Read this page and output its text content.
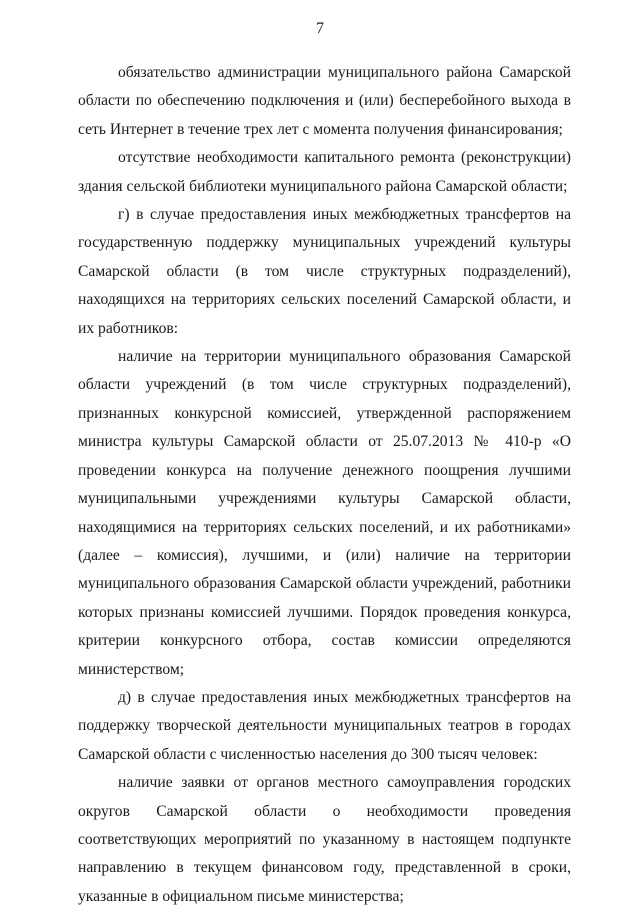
7

обязательство администрации муниципального района Самарской области по обеспечению подключения и (или) бесперебойного выхода в сеть Интернет в течение трех лет с момента получения финансирования;

отсутствие необходимости капитального ремонта (реконструкции) здания сельской библиотеки муниципального района Самарской области;

г) в случае предоставления иных межбюджетных трансфертов на государственную поддержку муниципальных учреждений культуры Самарской области (в том числе структурных подразделений), находящихся на территориях сельских поселений Самарской области, и их работников:

наличие на территории муниципального образования Самарской области учреждений (в том числе структурных подразделений), признанных конкурсной комиссией, утвержденной распоряжением министра культуры Самарской области от 25.07.2013 № 410-р «О проведении конкурса на получение денежного поощрения лучшими муниципальными учреждениями культуры Самарской области, находящимися на территориях сельских поселений, и их работниками» (далее – комиссия), лучшими, и (или) наличие на территории муниципального образования Самарской области учреждений, работники которых признаны комиссией лучшими. Порядок проведения конкурса, критерии конкурсного отбора, состав комиссии определяются министерством;

д) в случае предоставления иных межбюджетных трансфертов на поддержку творческой деятельности муниципальных театров в городах Самарской области с численностью населения до 300 тысяч человек:

наличие заявки от органов местного самоуправления городских округов Самарской области о необходимости проведения соответствующих мероприятий по указанному в настоящем подпункте направлению в текущем финансовом году, представленной в сроки, указанные в официальном письме министерства;
